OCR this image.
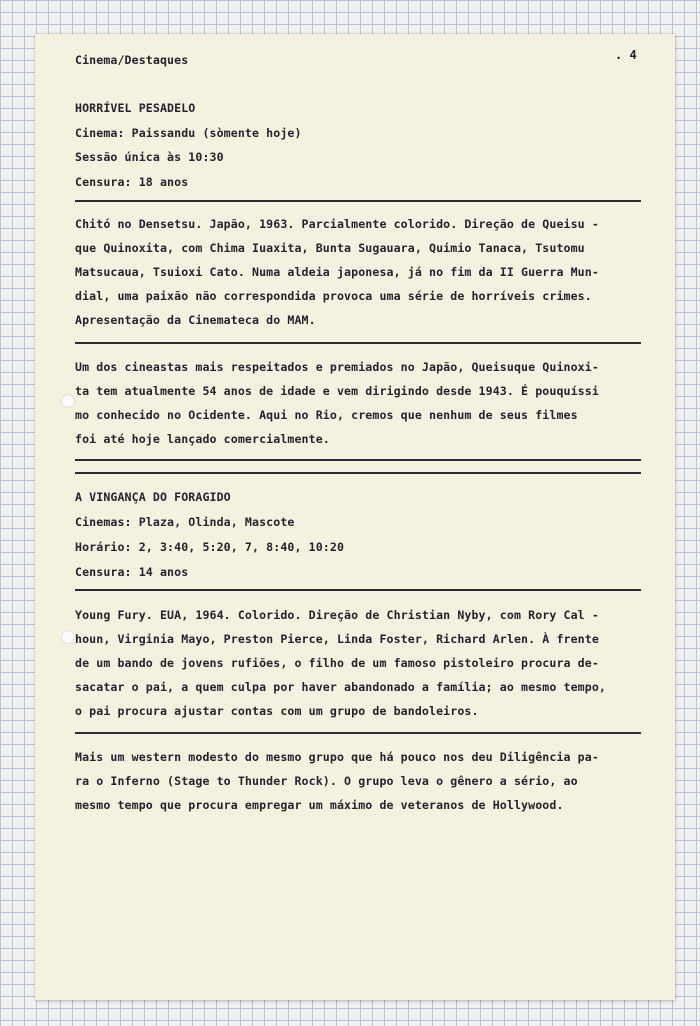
Cinema/Destaques	. 4
HORRÍVEL PESADELO
Cinema: Paissandu (sòmente hoje)
Sessão única às 10:30
Censura: 18 anos
Chitó no Densetsu. Japão, 1963. Parcialmente colorido. Direção de Queisu -
que Quinoxita, com Chima Iuaxita, Bunta Sugauara, Quimio Tanaca, Tsutomu
Matsucaua, Tsuioxi Cato. Numa aldeia japonesa, já no fim da II Guerra Mun-
dial, uma paixão não correspondida provoca uma série de horríveis crimes.
Apresentação da Cinemateca do MAM.
Um dos cineastas mais respeitados e premiados no Japão, Queisuque Quinoxi-
ta tem atualmente 54 anos de idade e vem dirigindo desde 1943. É pouquíssi
mo conhecido no Ocidente. Aqui no Rio, cremos que nenhum de seus filmes
foi até hoje lançado comercialmente.
A VINGANÇA DO FORAGIDO
Cinemas: Plaza, Olinda, Mascote
Horário: 2, 3:40, 5:20, 7, 8:40, 10:20
Censura: 14 anos
Young Fury. EUA, 1964. Colorido. Direção de Christian Nyby, com Rory Cal -
houn, Virginia Mayo, Preston Pierce, Linda Foster, Richard Arlen. À frente
de um bando de jovens rufiões, o filho de um famoso pistoleiro procura de-
sacatar o pai, a quem culpa por haver abandonado a família; ao mesmo tempo,
o pai procura ajustar contas com um grupo de bandoleiros.
Mais um western modesto do mesmo grupo que há pouco nos deu Diligência pa-
ra o Inferno (Stage to Thunder Rock). O grupo leva o gênero a sério, ao
mesmo tempo que procura empregar um máximo de veteranos de Hollywood.
